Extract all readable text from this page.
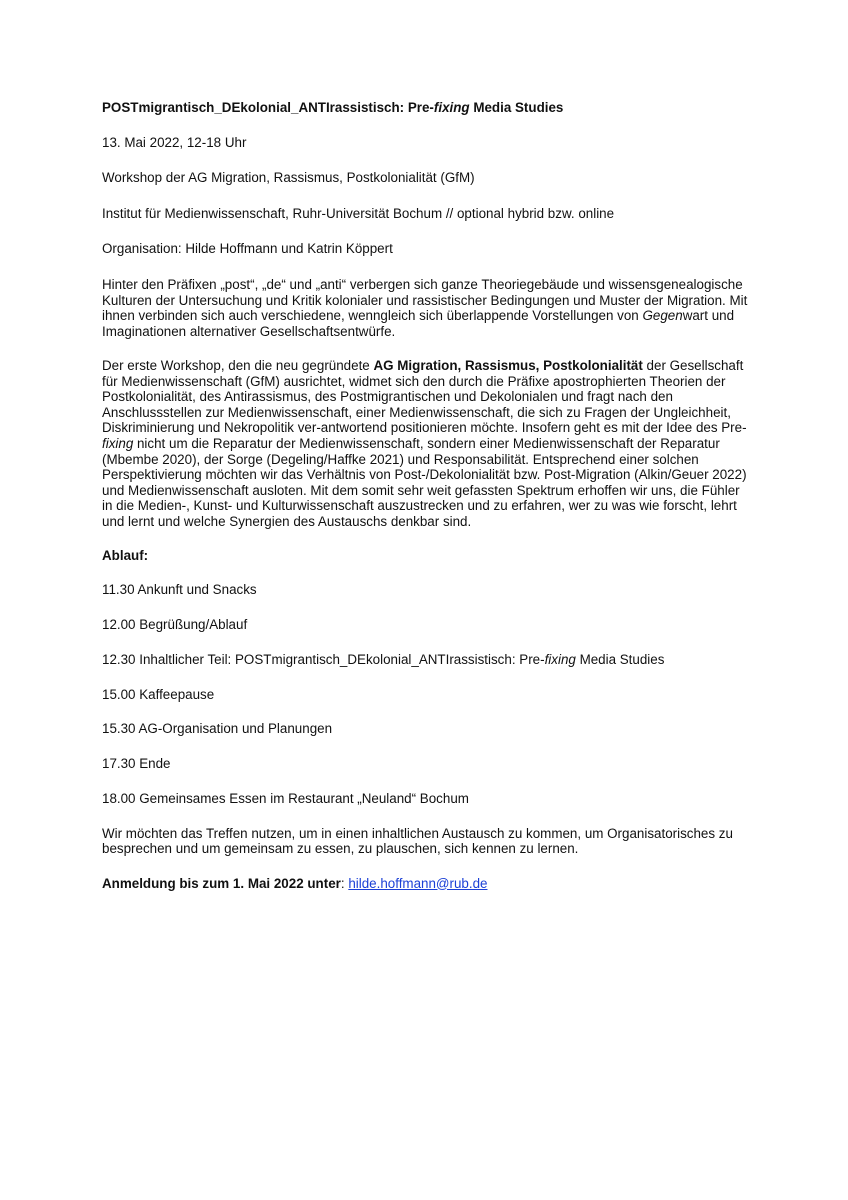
POSTmigrantisch_DEkolonial_ANTIrassistisch: Pre-fixing Media Studies

13. Mai 2022, 12-18 Uhr

Workshop der AG Migration, Rassismus, Postkolonialität (GfM)

Institut für Medienwissenschaft, Ruhr-Universität Bochum // optional hybrid bzw. online

Organisation: Hilde Hoffmann und Katrin Köppert

Hinter den Präfixen „post“, „de“ und „anti“ verbergen sich ganze Theoriegebäude und wissensgenealogische Kulturen der Untersuchung und Kritik kolonialer und rassistischer Bedingungen und Muster der Migration. Mit ihnen verbinden sich auch verschiedene, wenngleich sich überlappende Vorstellungen von Gegenwart und Imaginationen alternativer Gesellschaftsentwürfe.

Der erste Workshop, den die neu gegründete AG Migration, Rassismus, Postkolonialität der Gesellschaft für Medienwissenschaft (GfM) ausrichtet, widmet sich den durch die Präfixe apostrophierten Theorien der Postkolonialität, des Antirassismus, des Postmigrantischen und Dekolonialen und fragt nach den Anschlussstellen zur Medienwissenschaft, einer Medienwissenschaft, die sich zu Fragen der Ungleichheit, Diskriminierung und Nekropolitik ver-antwortend positionieren möchte. Insofern geht es mit der Idee des Pre-fixing nicht um die Reparatur der Medienwissenschaft, sondern einer Medienwissenschaft der Reparatur (Mbembe 2020), der Sorge (Degeling/Haffke 2021) und Responsabilität. Entsprechend einer solchen Perspektivierung möchten wir das Verhältnis von Post-/Dekolonialität bzw. Post-Migration (Alkin/Geuer 2022) und Medienwissenschaft ausloten. Mit dem somit sehr weit gefassten Spektrum erhoffen wir uns, die Fühler in die Medien-, Kunst- und Kulturwissenschaft auszustrecken und zu erfahren, wer zu was wie forscht, lehrt und lernt und welche Synergien des Austauschs denkbar sind.

Ablauf:

11.30 Ankunft und Snacks

12.00 Begrüßung/Ablauf

12.30 Inhaltlicher Teil: POSTmigrantisch_DEkolonial_ANTIrassistisch: Pre-fixing Media Studies

15.00 Kaffeepause

15.30 AG-Organisation und Planungen

17.30 Ende

18.00 Gemeinsames Essen im Restaurant „Neuland“ Bochum

Wir möchten das Treffen nutzen, um in einen inhaltlichen Austausch zu kommen, um Organisatorisches zu besprechen und um gemeinsam zu essen, zu plauschen, sich kennen zu lernen.

Anmeldung bis zum 1. Mai 2022 unter: hilde.hoffmann@rub.de
